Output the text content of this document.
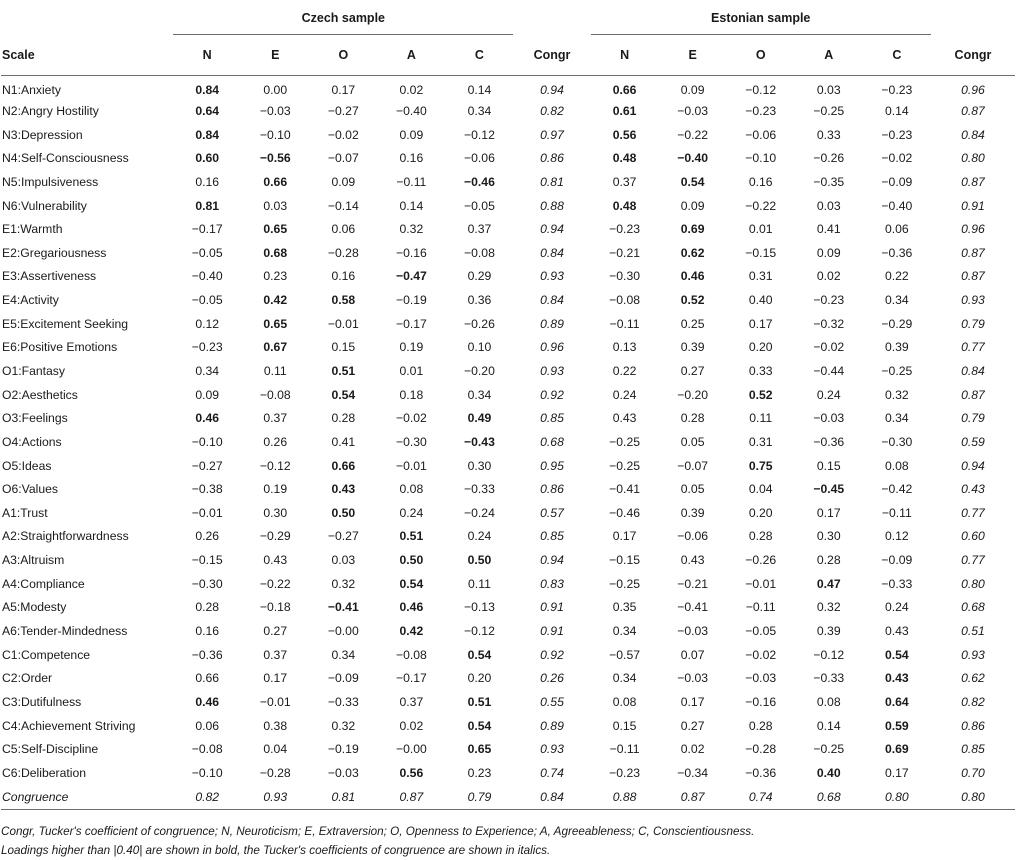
	Czech sample						Estonian sample					
Scale	N	E	O	A	C	Congr	N	E	O	A	C	Congr
N1:Anxiety	0.84	0.00	0.17	0.02	0.14	0.94	0.66	0.09	−0.12	0.03	−0.23	0.96
N2:Angry Hostility	0.64	−0.03	−0.27	−0.40	0.34	0.82	0.61	−0.03	−0.23	−0.25	0.14	0.87
N3:Depression	0.84	−0.10	−0.02	0.09	−0.12	0.97	0.56	−0.22	−0.06	0.33	−0.23	0.84
N4:Self-Consciousness	0.60	−0.56	−0.07	0.16	−0.06	0.86	0.48	−0.40	−0.10	−0.26	−0.02	0.80
N5:Impulsiveness	0.16	0.66	0.09	−0.11	−0.46	0.81	0.37	0.54	0.16	−0.35	−0.09	0.87
N6:Vulnerability	0.81	0.03	−0.14	0.14	−0.05	0.88	0.48	0.09	−0.22	0.03	−0.40	0.91
E1:Warmth	−0.17	0.65	0.06	0.32	0.37	0.94	−0.23	0.69	0.01	0.41	0.06	0.96
E2:Gregariousness	−0.05	0.68	−0.28	−0.16	−0.08	0.84	−0.21	0.62	−0.15	0.09	−0.36	0.87
E3:Assertiveness	−0.40	0.23	0.16	−0.47	0.29	0.93	−0.30	0.46	0.31	0.02	0.22	0.87
E4:Activity	−0.05	0.42	0.58	−0.19	0.36	0.84	−0.08	0.52	0.40	−0.23	0.34	0.93
E5:Excitement Seeking	0.12	0.65	−0.01	−0.17	−0.26	0.89	−0.11	0.25	0.17	−0.32	−0.29	0.79
E6:Positive Emotions	−0.23	0.67	0.15	0.19	0.10	0.96	0.13	0.39	0.20	−0.02	0.39	0.77
O1:Fantasy	0.34	0.11	0.51	0.01	−0.20	0.93	0.22	0.27	0.33	−0.44	−0.25	0.84
O2:Aesthetics	0.09	−0.08	0.54	0.18	0.34	0.92	0.24	−0.20	0.52	0.24	0.32	0.87
O3:Feelings	0.46	0.37	0.28	−0.02	0.49	0.85	0.43	0.28	0.11	−0.03	0.34	0.79
O4:Actions	−0.10	0.26	0.41	−0.30	−0.43	0.68	−0.25	0.05	0.31	−0.36	−0.30	0.59
O5:Ideas	−0.27	−0.12	0.66	−0.01	0.30	0.95	−0.25	−0.07	0.75	0.15	0.08	0.94
O6:Values	−0.38	0.19	0.43	0.08	−0.33	0.86	−0.41	0.05	0.04	−0.45	−0.42	0.43
A1:Trust	−0.01	0.30	0.50	0.24	−0.24	0.57	−0.46	0.39	0.20	0.17	−0.11	0.77
A2:Straightforwardness	0.26	−0.29	−0.27	0.51	0.24	0.85	0.17	−0.06	0.28	0.30	0.12	0.60
A3:Altruism	−0.15	0.43	0.03	0.50	0.50	0.94	−0.15	0.43	−0.26	0.28	−0.09	0.77
A4:Compliance	−0.30	−0.22	0.32	0.54	0.11	0.83	−0.25	−0.21	−0.01	0.47	−0.33	0.80
A5:Modesty	0.28	−0.18	−0.41	0.46	−0.13	0.91	0.35	−0.41	−0.11	0.32	0.24	0.68
A6:Tender-Mindedness	0.16	0.27	−0.00	0.42	−0.12	0.91	0.34	−0.03	−0.05	0.39	0.43	0.51
C1:Competence	−0.36	0.37	0.34	−0.08	0.54	0.92	−0.57	0.07	−0.02	−0.12	0.54	0.93
C2:Order	0.66	0.17	−0.09	−0.17	0.20	0.26	0.34	−0.03	−0.03	−0.33	0.43	0.62
C3:Dutifulness	0.46	−0.01	−0.33	0.37	0.51	0.55	0.08	0.17	−0.16	0.08	0.64	0.82
C4:Achievement Striving	0.06	0.38	0.32	0.02	0.54	0.89	0.15	0.27	0.28	0.14	0.59	0.86
C5:Self-Discipline	−0.08	0.04	−0.19	−0.00	0.65	0.93	−0.11	0.02	−0.28	−0.25	0.69	0.85
C6:Deliberation	−0.10	−0.28	−0.03	0.56	0.23	0.74	−0.23	−0.34	−0.36	0.40	0.17	0.70
Congruence	0.82	0.93	0.81	0.87	0.79	0.84	0.88	0.87	0.74	0.68	0.80	0.80
Congr, Tucker's coefficient of congruence; N, Neuroticism; E, Extraversion; O, Openness to Experience; A, Agreeableness; C, Conscientiousness.
Loadings higher than |0.40| are shown in bold, the Tucker's coefficients of congruence are shown in italics.
